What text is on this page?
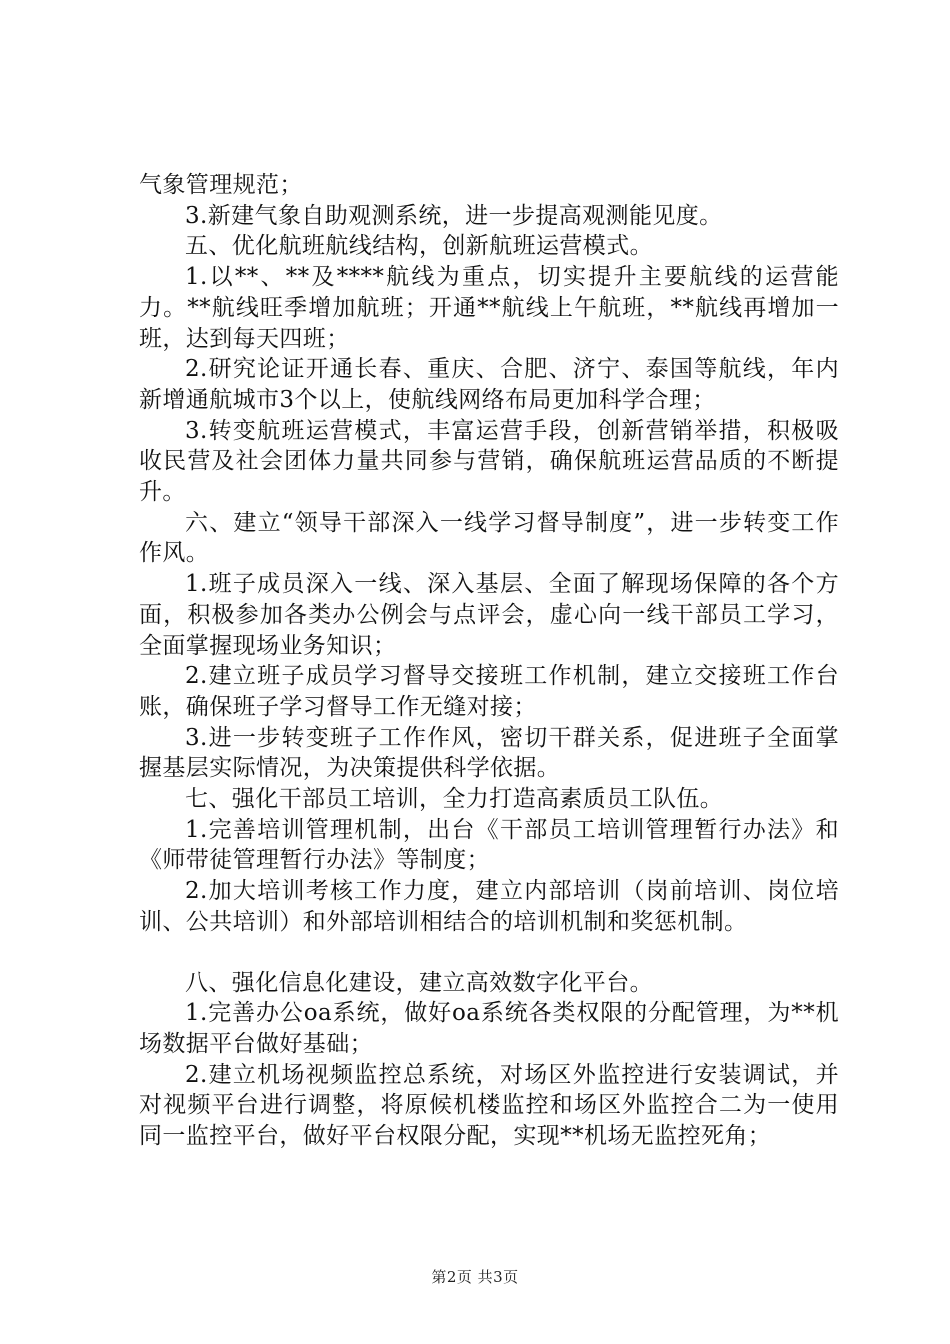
气象管理规范；

3.新建气象自助观测系统，进一步提高观测能见度。

五、优化航班航线结构，创新航班运营模式。

1.以**、**及****航线为重点，切实提升主要航线的运营能力。**航线旺季增加航班；开通**航线上午航班，**航线再增加一班，达到每天四班；

2.研究论证开通长春、重庆、合肥、济宁、泰国等航线，年内新增通航城市3个以上，使航线网络布局更加科学合理；

3.转变航班运营模式，丰富运营手段，创新营销举措，积极吸收民营及社会团体力量共同参与营销，确保航班运营品质的不断提升。

六、建立“领导干部深入一线学习督导制度”，进一步转变工作作风。

1.班子成员深入一线、深入基层、全面了解现场保障的各个方面，积极参加各类办公例会与点评会，虚心向一线干部员工学习，全面掌握现场业务知识；

2.建立班子成员学习督导交接班工作机制，建立交接班工作台账，确保班子学习督导工作无缝对接；

3.进一步转变班子工作作风，密切干群关系，促进班子全面掌握基层实际情况，为决策提供科学依据。

七、强化干部员工培训，全力打造高素质员工队伍。

1.完善培训管理机制，出台《干部员工培训管理暂行办法》和《师带徒管理暂行办法》等制度；

2.加大培训考核工作力度，建立内部培训（岗前培训、岗位培训、公共培训）和外部培训相结合的培训机制和奖惩机制。

八、强化信息化建设，建立高效数字化平台。

1.完善办公oa系统，做好oa系统各类权限的分配管理，为**机场数据平台做好基础；

2.建立机场视频监控总系统，对场区外监控进行安装调试，并对视频平台进行调整，将原候机楼监控和场区外监控合二为一使用同一监控平台，做好平台权限分配，实现**机场无监控死角；

第2页 共3页
